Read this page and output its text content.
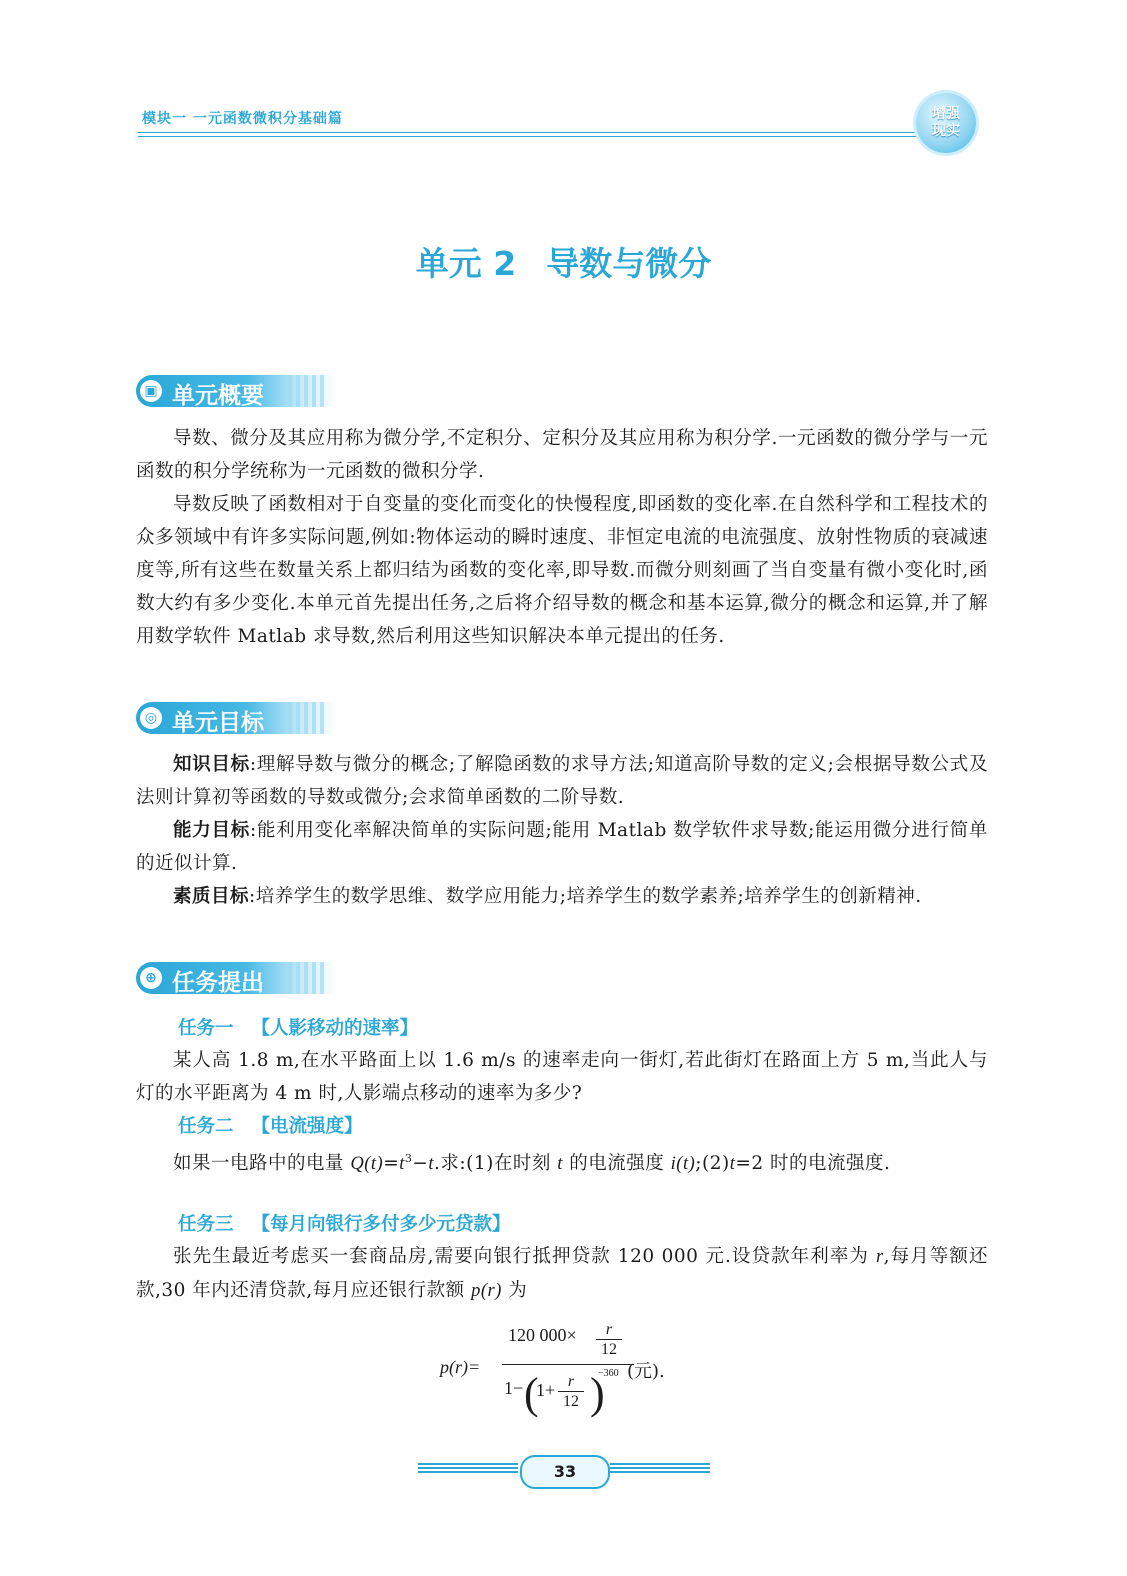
模块一 一元函数微积分基础篇	增强
现实
单元 2 导数与微分
▣ 单元概要
导数、微分及其应用称为微分学,不定积分、定积分及其应用称为积分学.一元函数的微分学与一元函数的积分学统称为一元函数的微积分学.
导数反映了函数相对于自变量的变化而变化的快慢程度,即函数的变化率.在自然科学和工程技术的众多领域中有许多实际问题,例如:物体运动的瞬时速度、非恒定电流的电流强度、放射性物质的衰减速度等,所有这些在数量关系上都归结为函数的变化率,即导数.而微分则刻画了当自变量有微小变化时,函数大约有多少变化.本单元首先提出任务,之后将介绍导数的概念和基本运算,微分的概念和运算,并了解用数学软件 Matlab 求导数,然后利用这些知识解决本单元提出的任务.
◎ 单元目标
知识目标:理解导数与微分的概念;了解隐函数的求导方法;知道高阶导数的定义;会根据导数公式及法则计算初等函数的导数或微分;会求简单函数的二阶导数.
能力目标:能利用变化率解决简单的实际问题;能用 Matlab 数学软件求导数;能运用微分进行简单的近似计算.
素质目标:培养学生的数学思维、数学应用能力;培养学生的数学素养;培养学生的创新精神.
⊕ 任务提出
任务一 【人影移动的速率】
某人高 1.8 m,在水平路面上以 1.6 m/s 的速率走向一街灯,若此街灯在路面上方 5 m,当此人与灯的水平距离为 4 m 时,人影端点移动的速率为多少?
任务二 【电流强度】
如果一电路中的电量 $Q(t)=t^3-t$.求:(1)在时刻 t 的电流强度 i(t);(2)t=2 时的电流强度.
任务三 【每月向银行多付多少元贷款】
张先生最近考虑买一套商品房,需要向银行抵押贷款 120 000 元.设贷款年利率为 r,每月等额还款,30 年内还清贷款,每月应还银行款额 p(r) 为
p(r)=
120 000×	r
12
1− (
1+ r
12 )
−360 (元).
33
